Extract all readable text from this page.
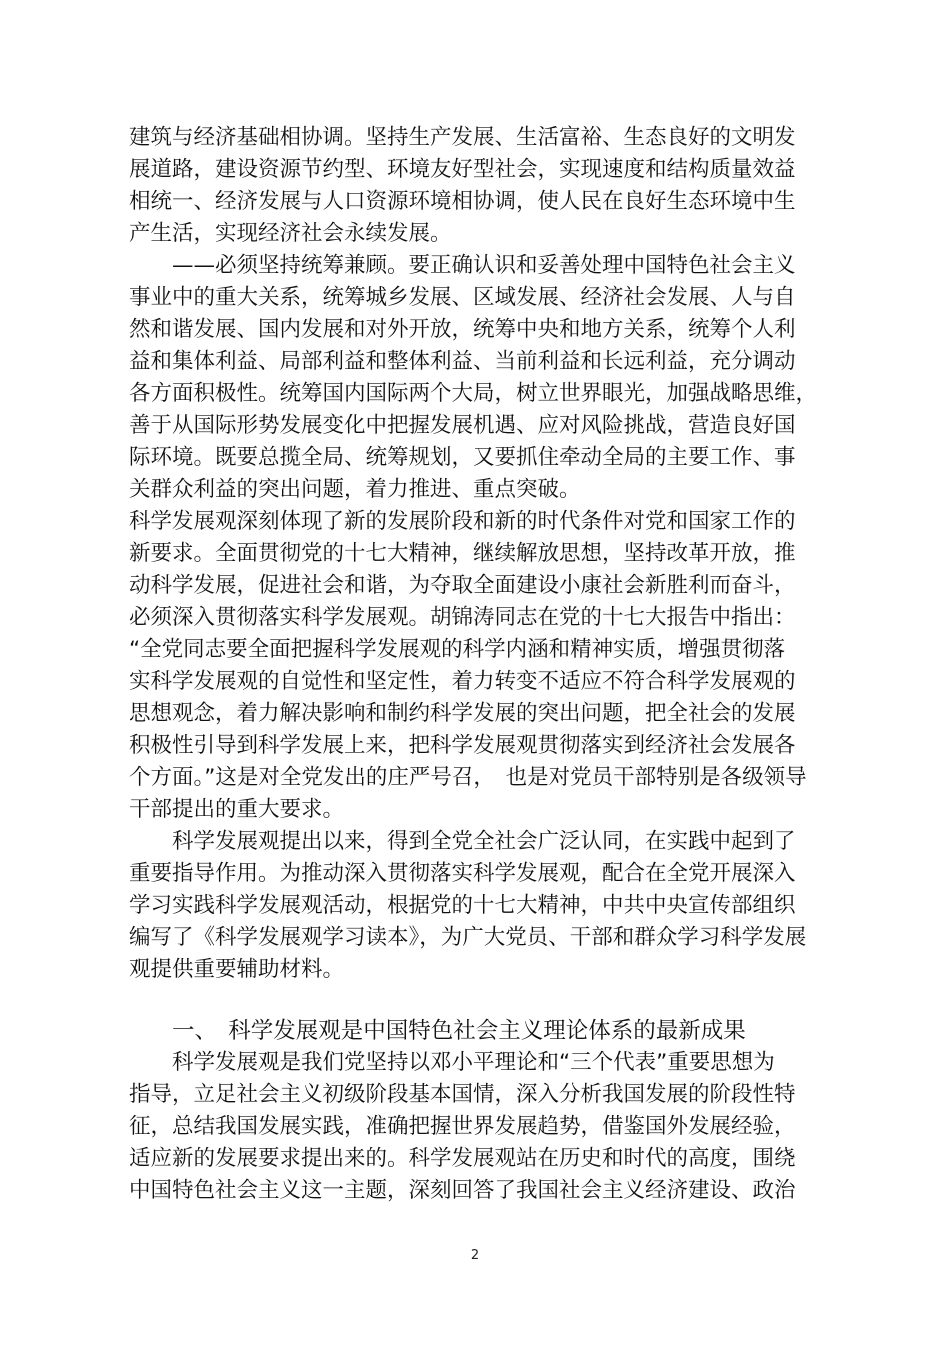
建筑与经济基础相协调。坚持生产发展、生活富裕、生态良好的文明发
展道路，建设资源节约型、环境友好型社会，实现速度和结构质量效益
相统一、经济发展与人口资源环境相协调，使人民在良好生态环境中生
产生活，实现经济社会永续发展。
——必须坚持统筹兼顾。要正确认识和妥善处理中国特色社会主义
事业中的重大关系，统筹城乡发展、区域发展、经济社会发展、人与自
然和谐发展、国内发展和对外开放，统筹中央和地方关系，统筹个人利
益和集体利益、局部利益和整体利益、当前利益和长远利益，充分调动
各方面积极性。统筹国内国际两个大局，树立世界眼光，加强战略思维，
善于从国际形势发展变化中把握发展机遇、应对风险挑战，营造良好国
际环境。既要总揽全局、统筹规划，又要抓住牵动全局的主要工作、事
关群众利益的突出问题，着力推进、重点突破。
科学发展观深刻体现了新的发展阶段和新的时代条件对党和国家工作的
新要求。全面贯彻党的十七大精神，继续解放思想，坚持改革开放，推
动科学发展，促进社会和谐，为夺取全面建设小康社会新胜利而奋斗，
必须深入贯彻落实科学发展观。胡锦涛同志在党的十七大报告中指出：
“全党同志要全面把握科学发展观的科学内涵和精神实质，增强贯彻落
实科学发展观的自觉性和坚定性，着力转变不适应不符合科学发展观的
思想观念，着力解决影响和制约科学发展的突出问题，把全社会的发展
积极性引导到科学发展上来，把科学发展观贯彻落实到经济社会发展各
个方面。”这是对全党发出的庄严号召，　也是对党员干部特别是各级领导
干部提出的重大要求。
科学发展观提出以来，得到全党全社会广泛认同，在实践中起到了
重要指导作用。为推动深入贯彻落实科学发展观，配合在全党开展深入
学习实践科学发展观活动，根据党的十七大精神，中共中央宣传部组织
编写了《科学发展观学习读本》，为广大党员、干部和群众学习科学发展
观提供重要辅助材料。
一、　科学发展观是中国特色社会主义理论体系的最新成果
科学发展观是我们党坚持以邓小平理论和“三个代表”重要思想为
指导，立足社会主义初级阶段基本国情，深入分析我国发展的阶段性特
征，总结我国发展实践，准确把握世界发展趋势，借鉴国外发展经验，
适应新的发展要求提出来的。科学发展观站在历史和时代的高度，围绕
中国特色社会主义这一主题，深刻回答了我国社会主义经济建设、政治
2
